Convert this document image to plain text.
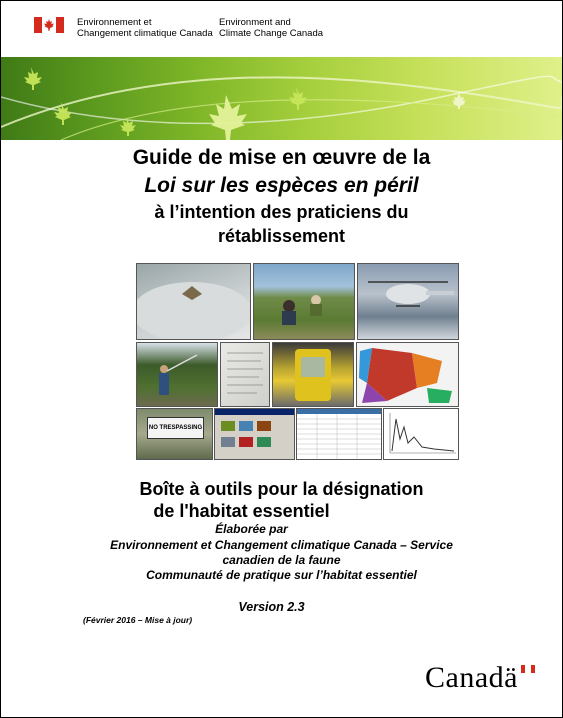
Environnement et
Changement climatique Canada
Environment and
Climate Change Canada
Guide de mise en œuvre de la
Loi sur les espèces en péril
à l’intention des praticiens du
rétablissement
NO TRESPASSING
Boîte à outils pour la désignation
de l'habitat essentiel
Élaborée par
Environnement et Changement climatique Canada – Service
canadien de la faune
Communauté de pratique sur l’habitat essentiel
Version 2.3
(Février 2016 – Mise à jour)
Canadä
